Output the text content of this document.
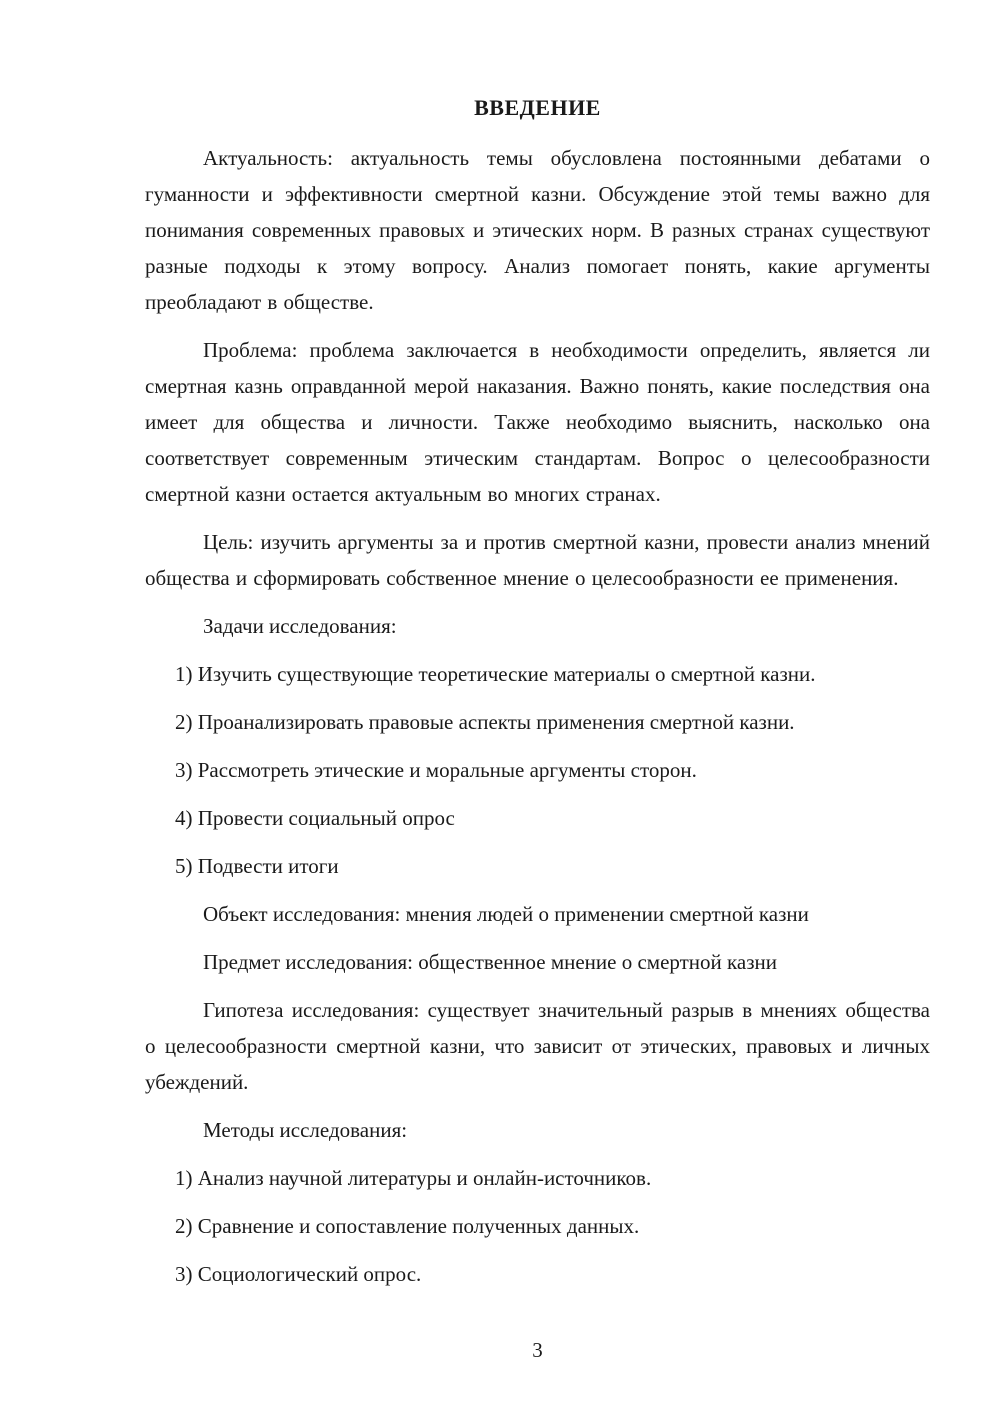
ВВЕДЕНИЕ

Актуальность: актуальность темы обусловлена постоянными дебатами о гуманности и эффективности смертной казни. Обсуждение этой темы важно для понимания современных правовых и этических норм. В разных странах существуют разные подходы к этому вопросу. Анализ помогает понять, какие аргументы преобладают в обществе.

Проблема: проблема заключается в необходимости определить, является ли смертная казнь оправданной мерой наказания. Важно понять, какие последствия она имеет для общества и личности. Также необходимо выяснить, насколько она соответствует современным этическим стандартам. Вопрос о целесообразности смертной казни остается актуальным во многих странах.

Цель: изучить аргументы за и против смертной казни, провести анализ мнений общества и сформировать собственное мнение о целесообразности ее применения.

Задачи исследования:

1) Изучить существующие теоретические материалы о смертной казни.

2) Проанализировать правовые аспекты применения смертной казни.

3) Рассмотреть этические и моральные аргументы сторон.

4) Провести социальный опрос

5) Подвести итоги

Объект исследования: мнения людей о применении смертной казни

Предмет исследования: общественное мнение о смертной казни

Гипотеза исследования: существует значительный разрыв в мнениях общества о целесообразности смертной казни, что зависит от этических, правовых и личных убеждений.

Методы исследования:

1) Анализ научной литературы и онлайн-источников.

2) Сравнение и сопоставление полученных данных.

3) Социологический опрос.

3
